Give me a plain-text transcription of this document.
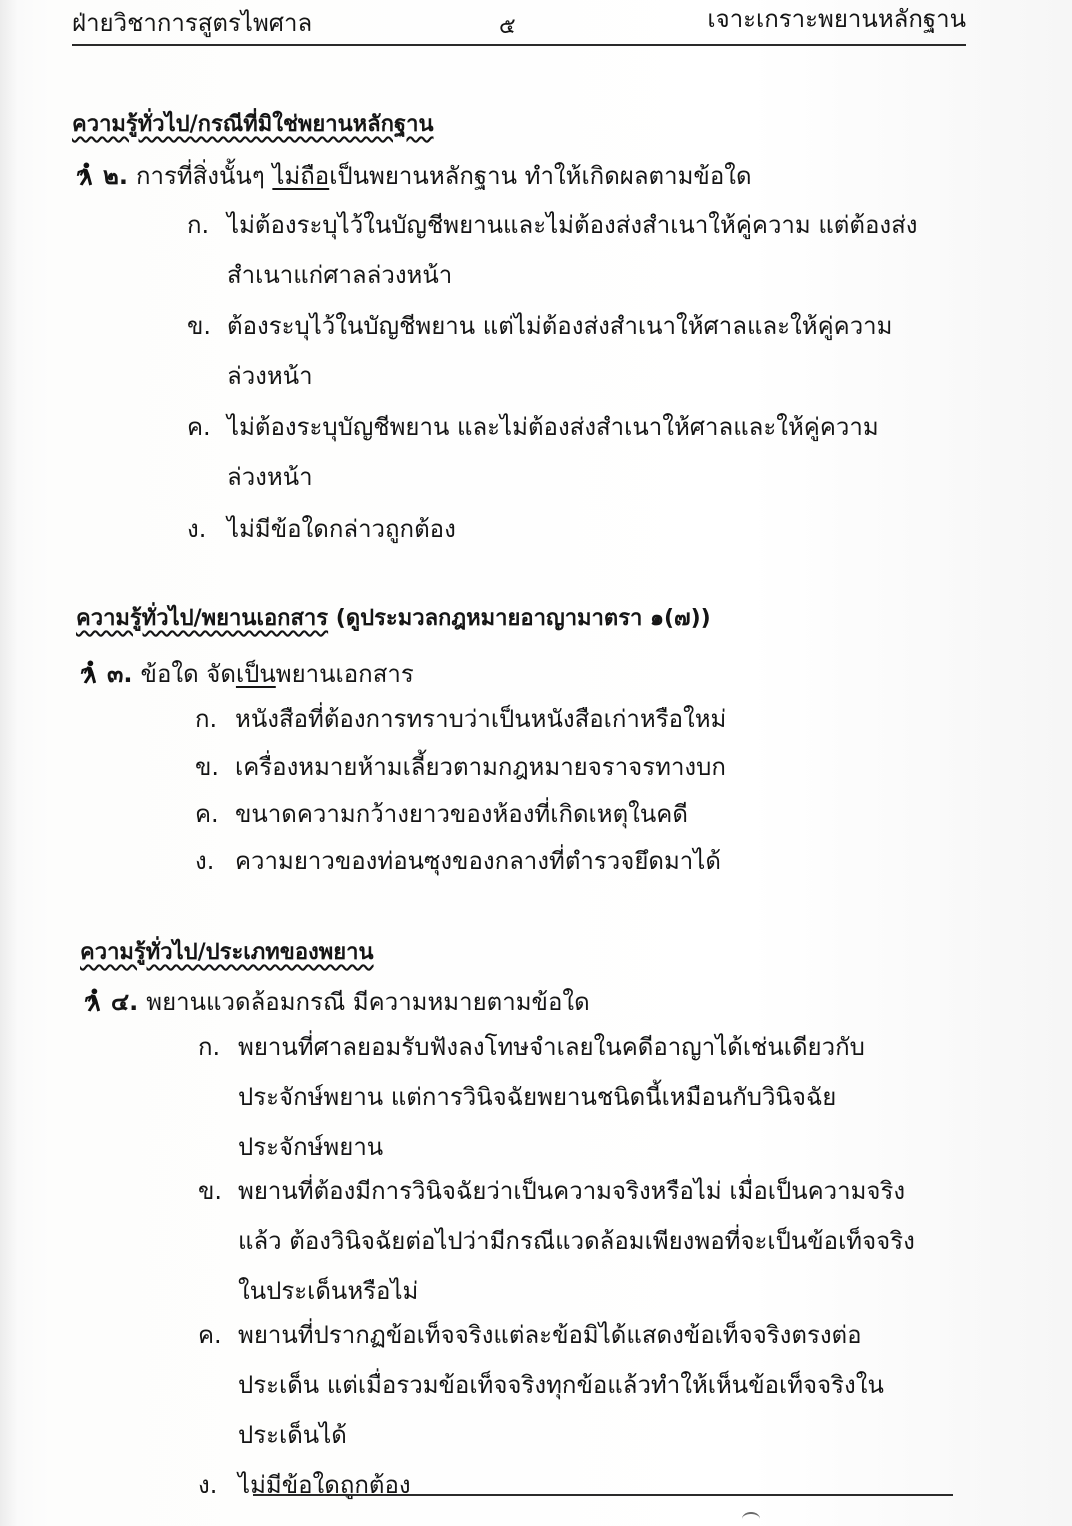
ฝ่ายวิชาการสูตรไพศาล	๕	เจาะเกราะพยานหลักฐาน
ความรู้ทั่วไป/กรณีที่มิใช่พยานหลักฐาน
๒. การที่สิ่งนั้นๆ ไม่ถือเป็นพยานหลักฐาน ทำให้เกิดผลตามข้อใด
ก. ไม่ต้องระบุไว้ในบัญชีพยานและไม่ต้องส่งสำเนาให้คู่ความ แต่ต้องส่ง
สำเนาแก่ศาลล่วงหน้า
ข. ต้องระบุไว้ในบัญชีพยาน แต่ไม่ต้องส่งสำเนาให้ศาลและให้คู่ความ
ล่วงหน้า
ค. ไม่ต้องระบุบัญชีพยาน และไม่ต้องส่งสำเนาให้ศาลและให้คู่ความ
ล่วงหน้า
ง. ไม่มีข้อใดกล่าวถูกต้อง
ความรู้ทั่วไป/พยานเอกสาร (ดูประมวลกฎหมายอาญามาตรา ๑(๗))
๓. ข้อใด จัดเป็นพยานเอกสาร
ก. หนังสือที่ต้องการทราบว่าเป็นหนังสือเก่าหรือใหม่
ข. เครื่องหมายห้ามเลี้ยวตามกฎหมายจราจรทางบก
ค. ขนาดความกว้างยาวของห้องที่เกิดเหตุในคดี
ง. ความยาวของท่อนซุงของกลางที่ตำรวจยึดมาได้
ความรู้ทั่วไป/ประเภทของพยาน
๔. พยานแวดล้อมกรณี มีความหมายตามข้อใด
ก. พยานที่ศาลยอมรับฟังลงโทษจำเลยในคดีอาญาได้เช่นเดียวกับ
ประจักษ์พยาน แต่การวินิจฉัยพยานชนิดนี้เหมือนกับวินิจฉัย
ประจักษ์พยาน
ข. พยานที่ต้องมีการวินิจฉัยว่าเป็นความจริงหรือไม่ เมื่อเป็นความจริง
แล้ว ต้องวินิจฉัยต่อไปว่ามีกรณีแวดล้อมเพียงพอที่จะเป็นข้อเท็จจริง
ในประเด็นหรือไม่
ค. พยานที่ปรากฏข้อเท็จจริงแต่ละข้อมิได้แสดงข้อเท็จจริงตรงต่อ
ประเด็น แต่เมื่อรวมข้อเท็จจริงทุกข้อแล้วทำให้เห็นข้อเท็จจริงใน
ประเด็นได้
ง. ไม่มีข้อใดถูกต้อง
